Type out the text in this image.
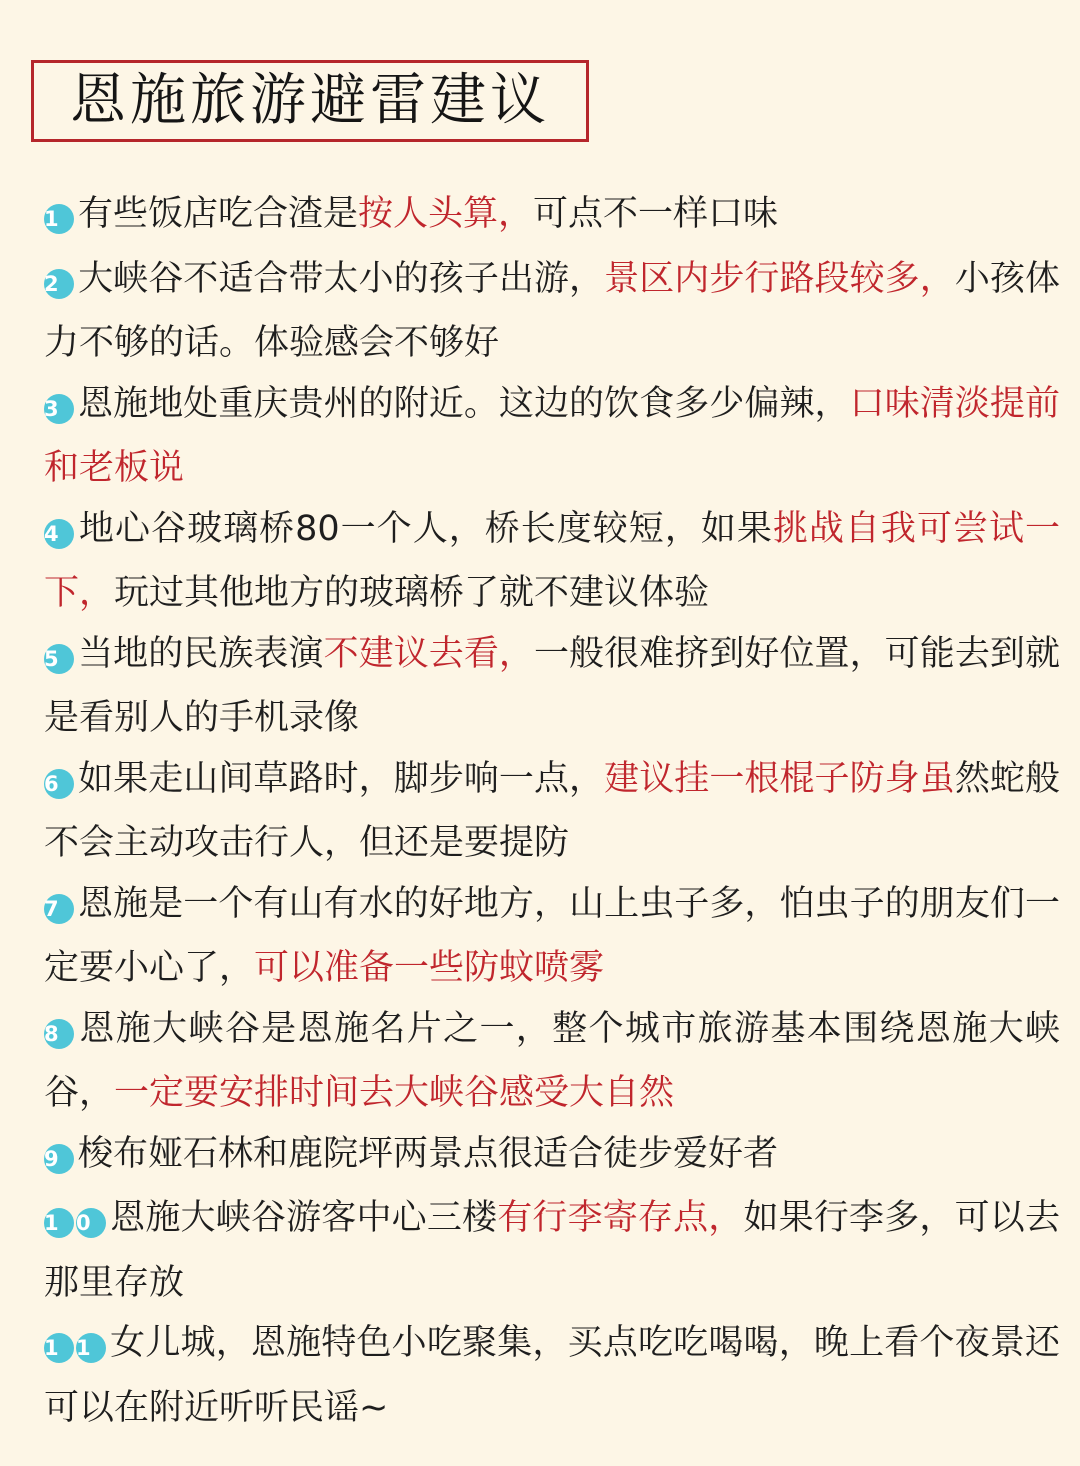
恩施旅游避雷建议

1 有些饭店吃合渣是按人头算，可点不一样口味

2 大峡谷不适合带太小的孩子出游，景区内步行路段较多，小孩体力不够的话。体验感会不够好

3 恩施地处重庆贵州的附近。这边的饮食多少偏辣，口味清淡提前和老板说

4 地心谷玻璃桥80一个人，桥长度较短，如果挑战自我可尝试一下，玩过其他地方的玻璃桥了就不建议体验

5 当地的民族表演不建议去看，一般很难挤到好位置，可能去到就是看别人的手机录像

6 如果走山间草路时，脚步响一点，建议挂一根棍子防身虽然蛇般不会主动攻击行人，但还是要提防

7 恩施是一个有山有水的好地方，山上虫子多，怕虫子的朋友们一定要小心了，可以准备一些防蚊喷雾

8 恩施大峡谷是恩施名片之一，整个城市旅游基本围绕恩施大峡谷，一定要安排时间去大峡谷感受大自然

9 梭布娅石林和鹿院坪两景点很适合徒步爱好者

1 0 恩施大峡谷游客中心三楼有行李寄存点，如果行李多，可以去那里存放

1 1 女儿城，恩施特色小吃聚集，买点吃吃喝喝，晚上看个夜景还可以在附近听听民谣~
